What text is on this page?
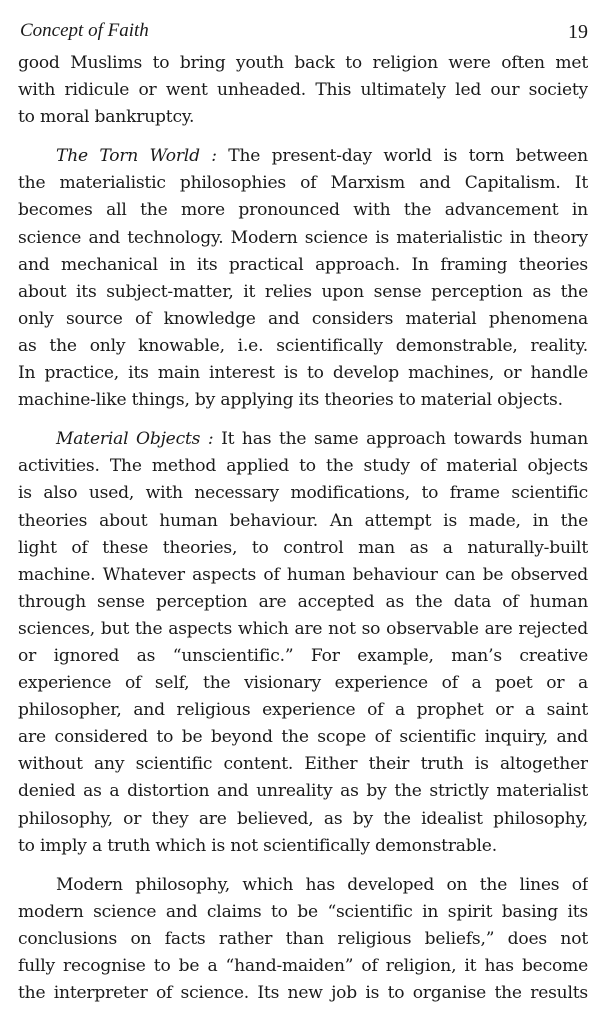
Concept of Faith	19

good Muslims to bring youth back to religion were often met
with ridicule or went unheaded. This ultimately led our society
to moral bankruptcy.

The Torn World : The present-day world is torn between
the materialistic philosophies of Marxism and Capitalism. It
becomes all the more pronounced with the advancement in
science and technology. Modern science is materialistic in theory
and mechanical in its practical approach. In framing theories
about its subject-matter, it relies upon sense perception as the
only source of knowledge and considers material phenomena
as the only knowable, i.e. scientifically demonstrable, reality.
In practice, its main interest is to develop machines, or handle
machine-like things, by applying its theories to material objects.

Material Objects : It has the same approach towards human
activities. The method applied to the study of material objects
is also used, with necessary modifications, to frame scientific
theories about human behaviour. An attempt is made, in the
light of these theories, to control man as a naturally-built
machine. Whatever aspects of human behaviour can be observed
through sense perception are accepted as the data of human
sciences, but the aspects which are not so observable are rejected
or ignored as “unscientific.” For example, man’s creative
experience of self, the visionary experience of a poet or a
philosopher, and religious experience of a prophet or a saint
are considered to be beyond the scope of scientific inquiry, and
without any scientific content. Either their truth is altogether
denied as a distortion and unreality as by the strictly materialist
philosophy, or they are believed, as by the idealist philosophy,
to imply a truth which is not scientifically demonstrable.

Modern philosophy, which has developed on the lines of
modern science and claims to be “scientific in spirit basing its
conclusions on facts rather than religious beliefs,” does not
fully recognise to be a “hand-maiden” of religion, it has become
the interpreter of science. Its new job is to organise the results
